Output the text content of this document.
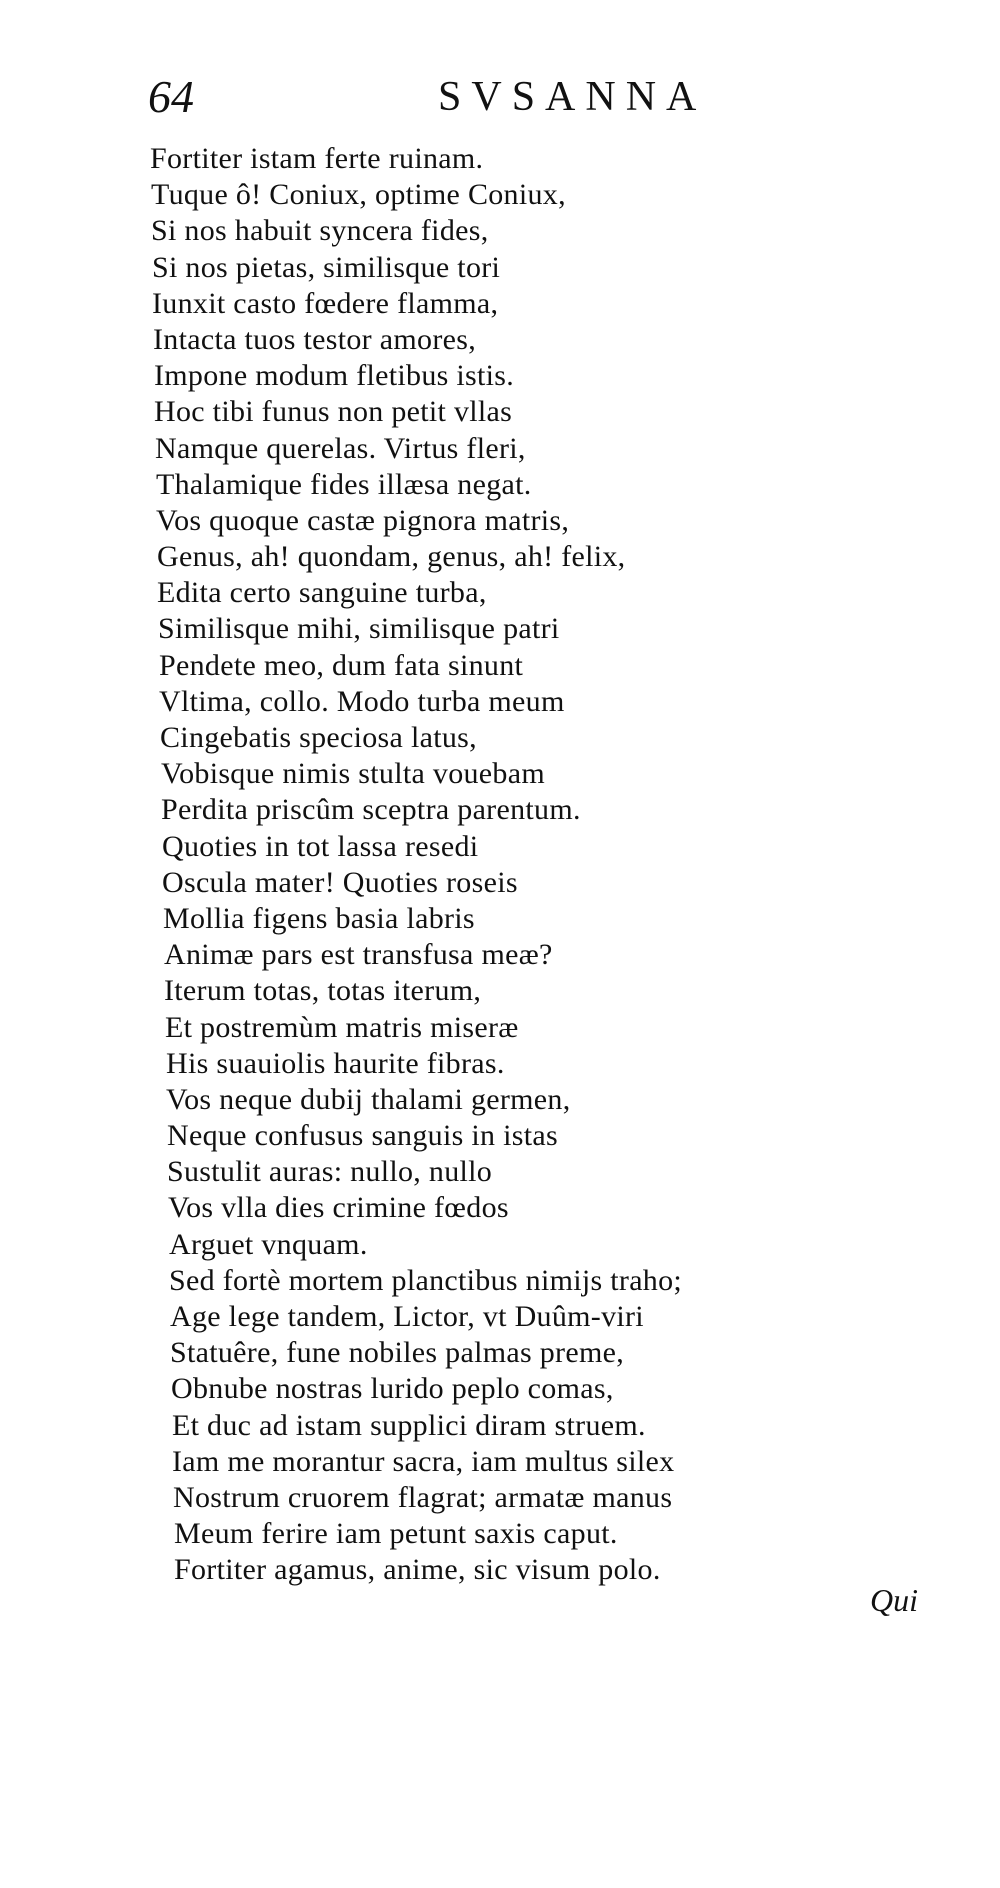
64	SVSANNA
Fortiter istam ferte ruinam.
Tuque ô! Coniux, optime Coniux,
Si nos habuit syncera fides,
Si nos pietas, similisque tori
Iunxit casto fœdere flamma,
Intacta tuos testor amores,
Impone modum fletibus istis.
Hoc tibi funus non petit vllas
Namque querelas. Virtus fleri,
Thalamique fides illæsa negat.
Vos quoque castæ pignora matris,
Genus, ah! quondam, genus, ah! felix,
Edita certo sanguine turba,
Similisque mihi, similisque patri
Pendete meo, dum fata sinunt
Vltima, collo. Modo turba meum
Cingebatis speciosa latus,
Vobisque nimis stulta vouebam
Perdita priscûm sceptra parentum.
Quoties in tot lassa resedi
Oscula mater! Quoties roseis
Mollia figens basia labris
Animæ pars est transfusa meæ?
Iterum totas, totas iterum,
Et postremùm matris miseræ
His suauiolis haurite fibras.
Vos neque dubij thalami germen,
Neque confusus sanguis in istas
Sustulit auras: nullo, nullo
Vos vlla dies crimine fœdos
Arguet vnquam.
Sed fortè mortem planctibus nimijs traho;
Age lege tandem, Lictor, vt Duûm-viri
Statuêre, fune nobiles palmas preme,
Obnube nostras lurido peplo comas,
Et duc ad istam supplici diram struem.
Iam me morantur sacra, iam multus silex
Nostrum cruorem flagrat; armatæ manus
Meum ferire iam petunt saxis caput.
Fortiter agamus, anime, sic visum polo.
Qui
